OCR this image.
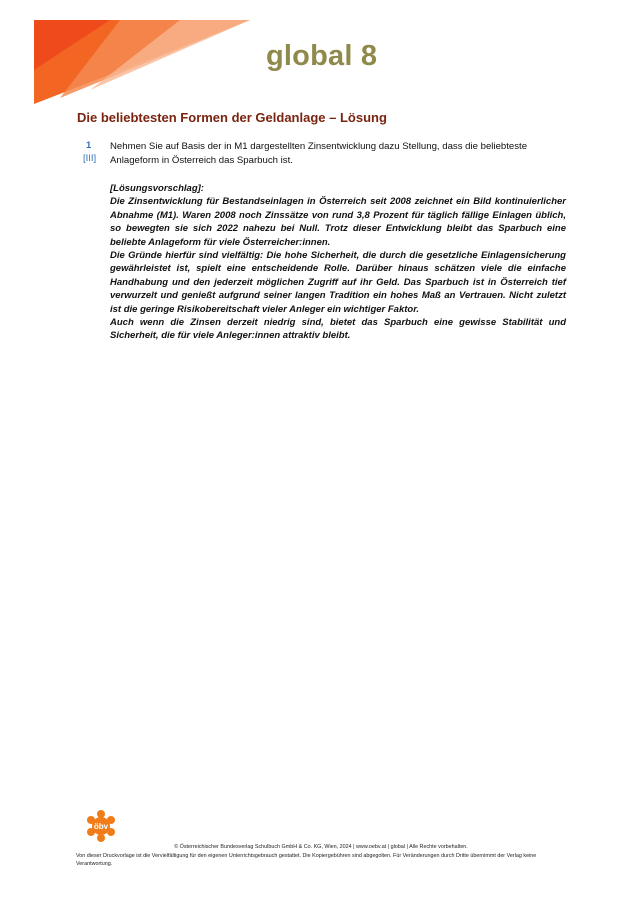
global 8
Die beliebtesten Formen der Geldanlage – Lösung
1
[III]
Nehmen Sie auf Basis der in M1 dargestellten Zinsentwicklung dazu Stellung, dass die beliebteste Anlageform in Österreich das Sparbuch ist.

[Lösungsvorschlag]:

Die Zinsentwicklung für Bestandseinlagen in Österreich seit 2008 zeichnet ein Bild kontinuierlicher Abnahme (M1). Waren 2008 noch Zinssätze von rund 3,8 Prozent für täglich fällige Einlagen üblich, so bewegten sie sich 2022 nahezu bei Null. Trotz dieser Entwicklung bleibt das Sparbuch eine beliebte Anlageform für viele Österreicher:innen.

Die Gründe hierfür sind vielfältig: Die hohe Sicherheit, die durch die gesetzliche Einlagensicherung gewährleistet ist, spielt eine entscheidende Rolle. Darüber hinaus schätzen viele die einfache Handhabung und den jederzeit möglichen Zugriff auf ihr Geld. Das Sparbuch ist in Österreich tief verwurzelt und genießt aufgrund seiner langen Tradition ein hohes Maß an Vertrauen. Nicht zuletzt ist die geringe Risikobereitschaft vieler Anleger ein wichtiger Faktor.

Auch wenn die Zinsen derzeit niedrig sind, bietet das Sparbuch eine gewisse Stabilität und Sicherheit, die für viele Anleger:innen attraktiv bleibt.

öbv
© Österreichischer Bundesverlag Schulbuch GmbH & Co. KG, Wien, 2024 | www.oebv.at | global | Alle Rechte vorbehalten.
Von dieser Druckvorlage ist die Vervielfältigung für den eigenen Unterrichtsgebrauch gestattet. Die Kopiergebühren sind abgegolten. Für Veränderungen durch Dritte übernimmt der Verlag keine Verantwortung.
